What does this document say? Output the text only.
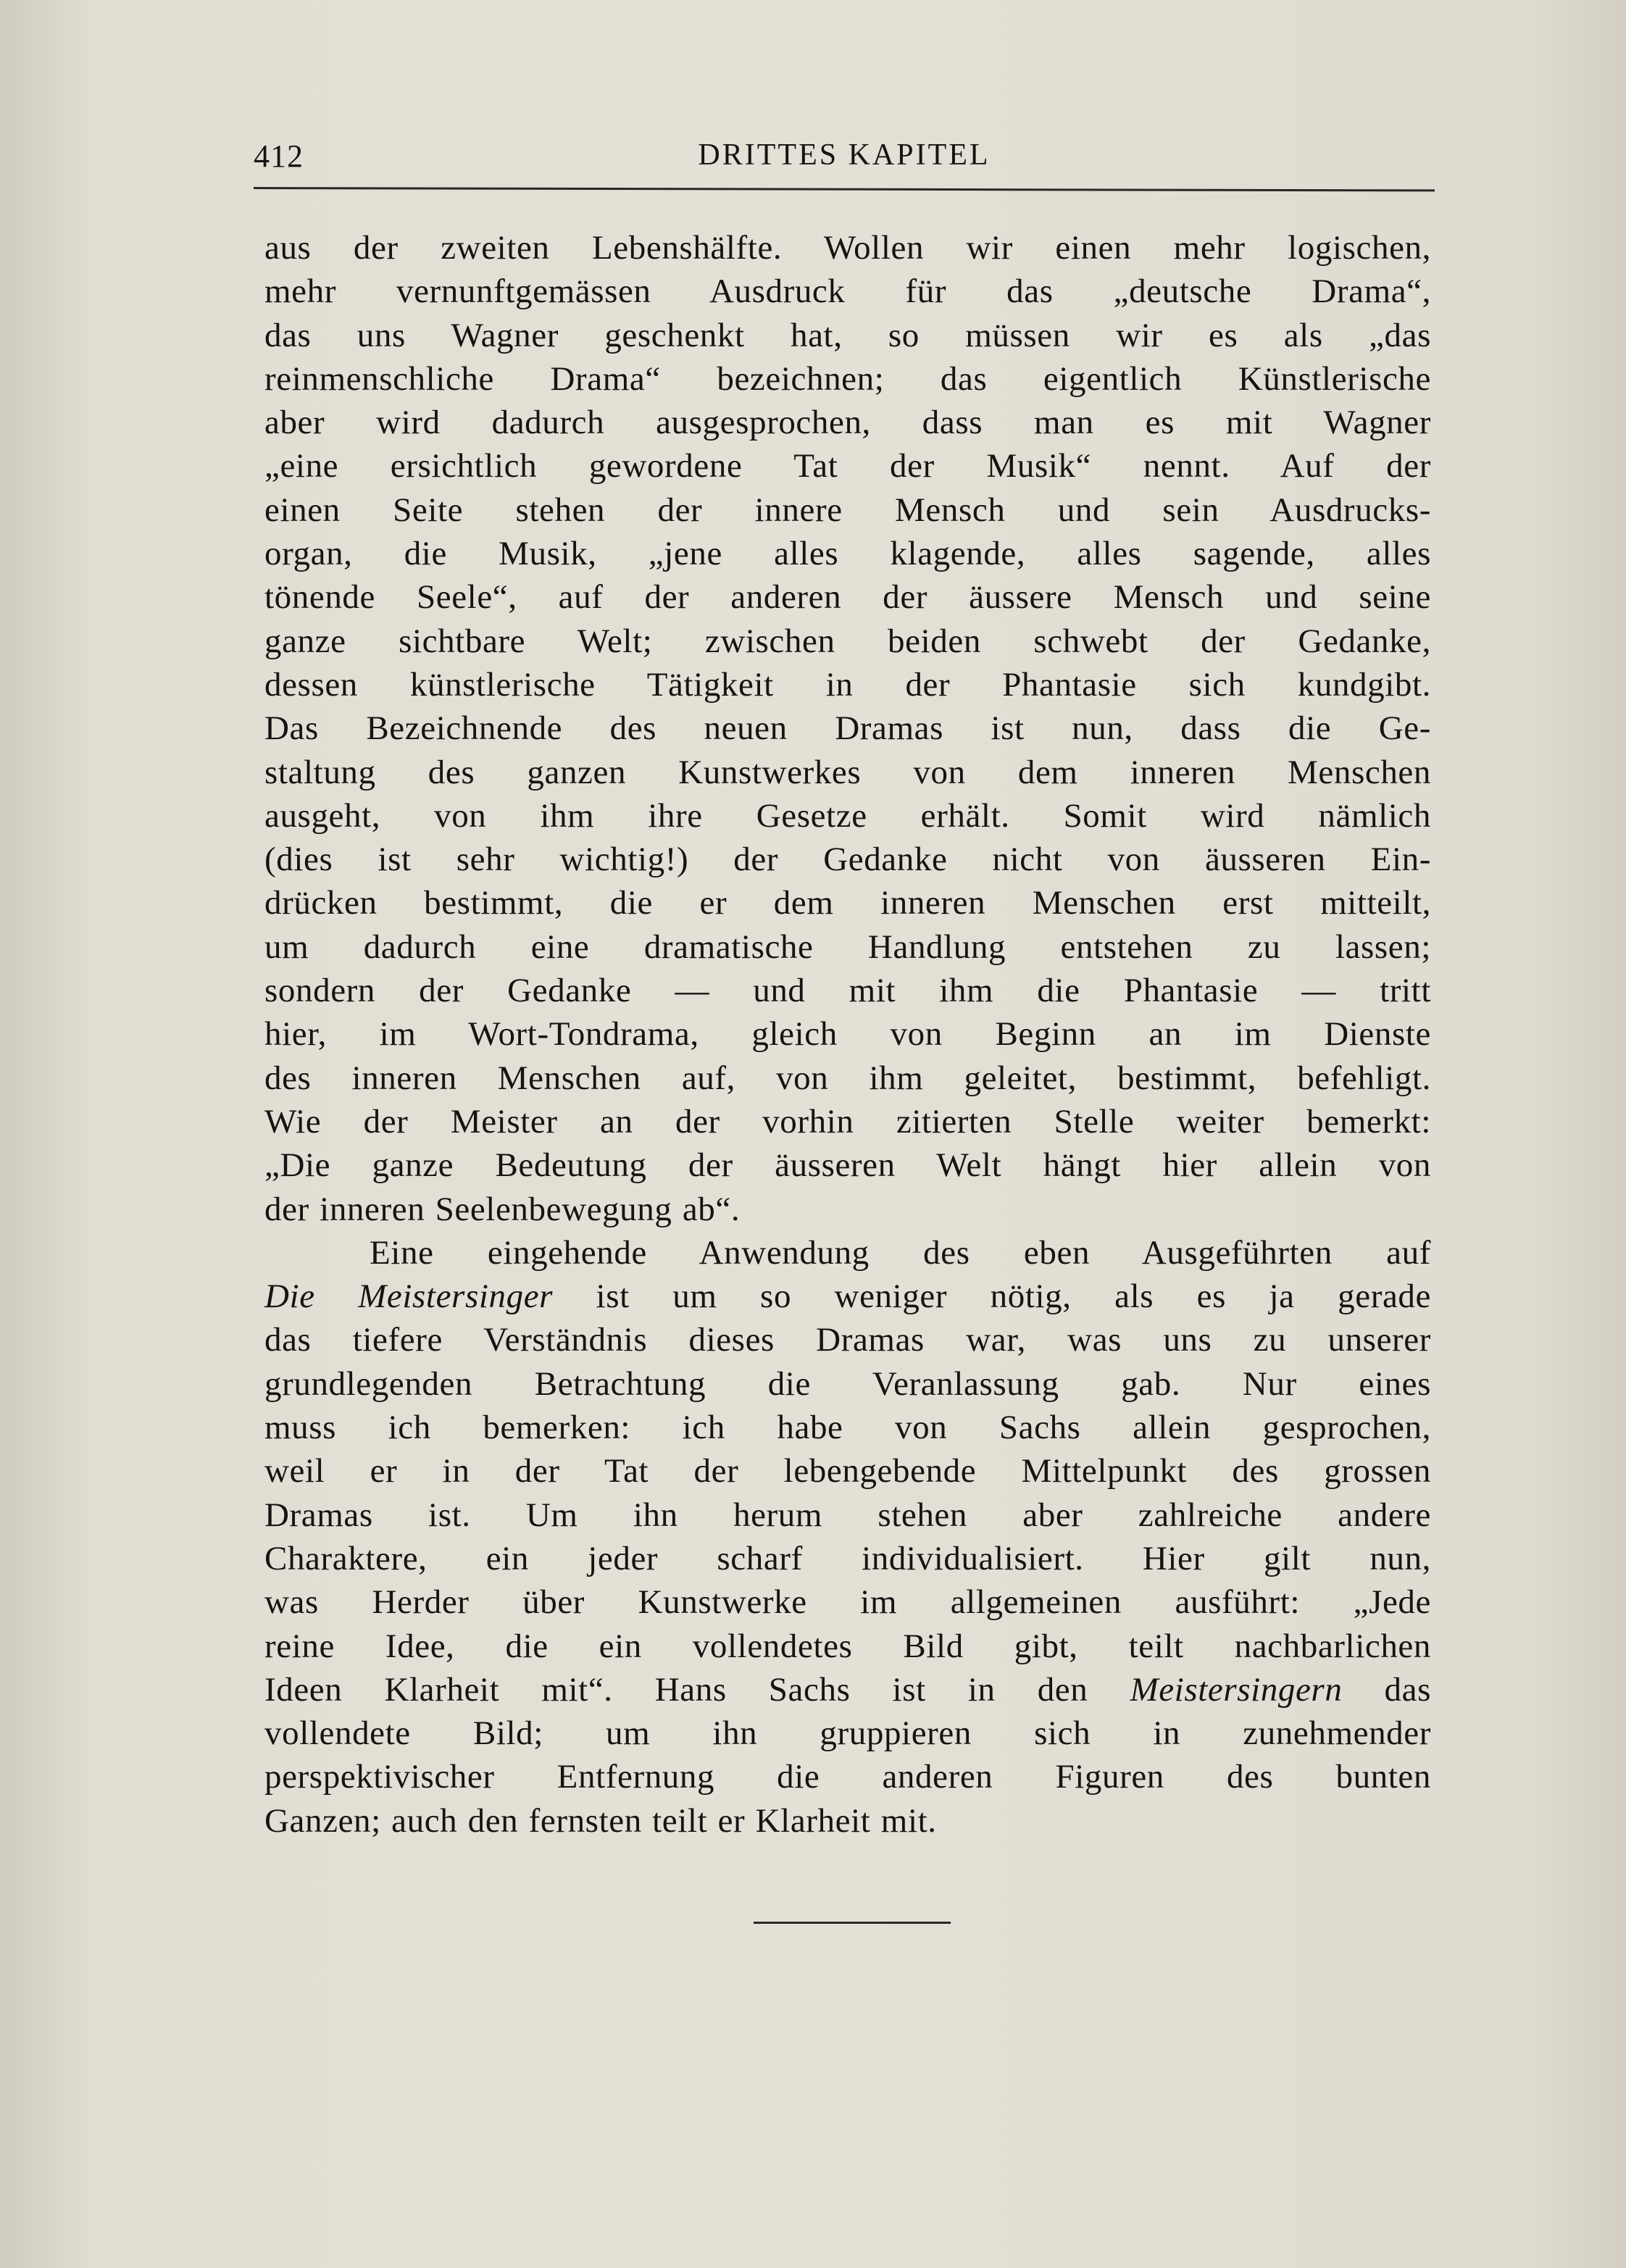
412	DRITTES KAPITEL
aus der zweiten Lebenshälfte. Wollen wir einen mehr logischen,
mehr vernunftgemässen Ausdruck für das „deutsche Drama“,
das uns Wagner geschenkt hat, so müssen wir es als „das
reinmenschliche Drama“ bezeichnen; das eigentlich Künstlerische
aber wird dadurch ausgesprochen, dass man es mit Wagner
„eine ersichtlich gewordene Tat der Musik“ nennt. Auf der
einen Seite stehen der innere Mensch und sein Ausdrucks-
organ, die Musik, „jene alles klagende, alles sagende, alles
tönende Seele“, auf der anderen der äussere Mensch und seine
ganze sichtbare Welt; zwischen beiden schwebt der Gedanke,
dessen künstlerische Tätigkeit in der Phantasie sich kundgibt.
Das Bezeichnende des neuen Dramas ist nun, dass die Ge-
staltung des ganzen Kunstwerkes von dem inneren Menschen
ausgeht, von ihm ihre Gesetze erhält. Somit wird nämlich
(dies ist sehr wichtig!) der Gedanke nicht von äusseren Ein-
drücken bestimmt, die er dem inneren Menschen erst mitteilt,
um dadurch eine dramatische Handlung entstehen zu lassen;
sondern der Gedanke — und mit ihm die Phantasie — tritt
hier, im Wort-Tondrama, gleich von Beginn an im Dienste
des inneren Menschen auf, von ihm geleitet, bestimmt, befehligt.
Wie der Meister an der vorhin zitierten Stelle weiter bemerkt:
„Die ganze Bedeutung der äusseren Welt hängt hier allein von
der inneren Seelenbewegung ab“.
Eine eingehende Anwendung des eben Ausgeführten auf
Die Meistersinger ist um so weniger nötig, als es ja gerade
das tiefere Verständnis dieses Dramas war, was uns zu unserer
grundlegenden Betrachtung die Veranlassung gab. Nur eines
muss ich bemerken: ich habe von Sachs allein gesprochen,
weil er in der Tat der lebengebende Mittelpunkt des grossen
Dramas ist. Um ihn herum stehen aber zahlreiche andere
Charaktere, ein jeder scharf individualisiert. Hier gilt nun,
was Herder über Kunstwerke im allgemeinen ausführt: „Jede
reine Idee, die ein vollendetes Bild gibt, teilt nachbarlichen
Ideen Klarheit mit“. Hans Sachs ist in den Meistersingern das
vollendete Bild; um ihn gruppieren sich in zunehmender
perspektivischer Entfernung die anderen Figuren des bunten
Ganzen; auch den fernsten teilt er Klarheit mit.
